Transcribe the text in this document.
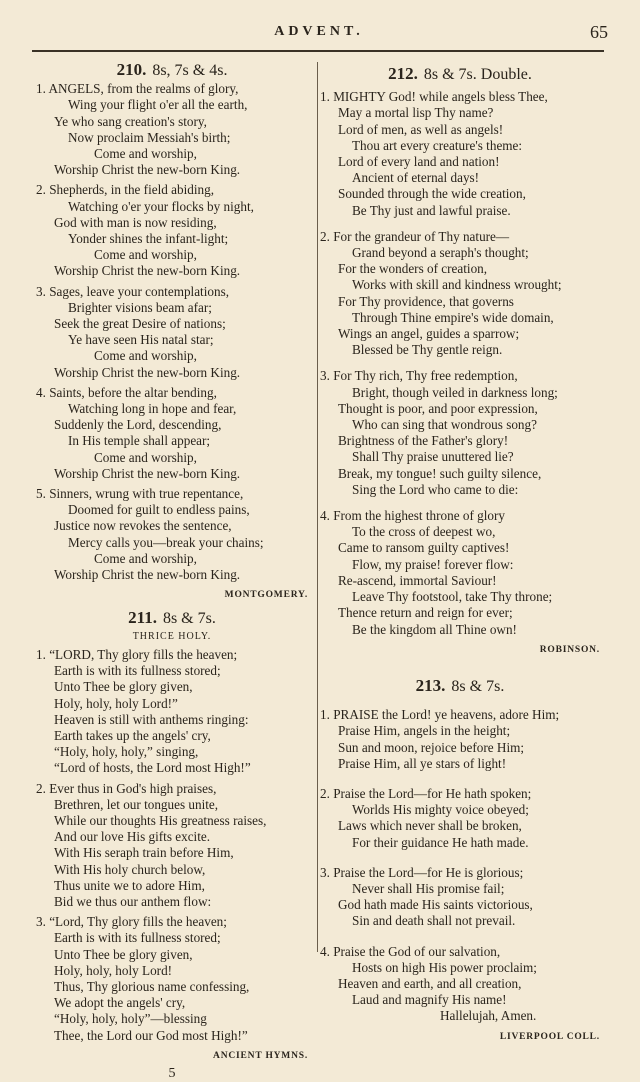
ADVENT.	65
210. 8s, 7s & 4s.
1. ANGELS, from the realms of glory,
Wing your flight o'er all the earth,
Ye who sang creation's story,
Now proclaim Messiah's birth;
Come and worship,
Worship Christ the new-born King.
2. Shepherds, in the field abiding,
Watching o'er your flocks by night,
God with man is now residing,
Yonder shines the infant-light;
Come and worship,
Worship Christ the new-born King.
3. Sages, leave your contemplations,
Brighter visions beam afar;
Seek the great Desire of nations;
Ye have seen His natal star;
Come and worship,
Worship Christ the new-born King.
4. Saints, before the altar bending,
Watching long in hope and fear,
Suddenly the Lord, descending,
In His temple shall appear;
Come and worship,
Worship Christ the new-born King.
5. Sinners, wrung with true repentance,
Doomed for guilt to endless pains,
Justice now revokes the sentence,
Mercy calls you—break your chains;
Come and worship,
Worship Christ the new-born King.
MONTGOMERY.
211. 8s & 7s.
THRICE HOLY.
1. “LORD, Thy glory fills the heaven;
Earth is with its fullness stored;
Unto Thee be glory given,
Holy, holy, holy Lord!”
Heaven is still with anthems ringing:
Earth takes up the angels' cry,
“Holy, holy, holy,” singing,
“Lord of hosts, the Lord most High!”
2. Ever thus in God's high praises,
Brethren, let our tongues unite,
While our thoughts His greatness raises,
And our love His gifts excite.
With His seraph train before Him,
With His holy church below,
Thus unite we to adore Him,
Bid we thus our anthem flow:
3. “Lord, Thy glory fills the heaven;
Earth is with its fullness stored;
Unto Thee be glory given,
Holy, holy, holy Lord!
Thus, Thy glorious name confessing,
We adopt the angels' cry,
“Holy, holy, holy”—blessing
Thee, the Lord our God most High!”
ANCIENT HYMNS.
5
212. 8s & 7s. Double.
1. MIGHTY God! while angels bless Thee,
May a mortal lisp Thy name?
Lord of men, as well as angels!
Thou art every creature's theme:
Lord of every land and nation!
Ancient of eternal days!
Sounded through the wide creation,
Be Thy just and lawful praise.
2. For the grandeur of Thy nature—
Grand beyond a seraph's thought;
For the wonders of creation,
Works with skill and kindness wrought;
For Thy providence, that governs
Through Thine empire's wide domain,
Wings an angel, guides a sparrow;
Blessed be Thy gentle reign.
3. For Thy rich, Thy free redemption,
Bright, though veiled in darkness long;
Thought is poor, and poor expression,
Who can sing that wondrous song?
Brightness of the Father's glory!
Shall Thy praise unuttered lie?
Break, my tongue! such guilty silence,
Sing the Lord who came to die:
4. From the highest throne of glory
To the cross of deepest wo,
Came to ransom guilty captives!
Flow, my praise! forever flow:
Re-ascend, immortal Saviour!
Leave Thy footstool, take Thy throne;
Thence return and reign for ever;
Be the kingdom all Thine own!
ROBINSON.
213. 8s & 7s.
1. PRAISE the Lord! ye heavens, adore Him;
Praise Him, angels in the height;
Sun and moon, rejoice before Him;
Praise Him, all ye stars of light!
2. Praise the Lord—for He hath spoken;
Worlds His mighty voice obeyed;
Laws which never shall be broken,
For their guidance He hath made.
3. Praise the Lord—for He is glorious;
Never shall His promise fail;
God hath made His saints victorious,
Sin and death shall not prevail.
4. Praise the God of our salvation,
Hosts on high His power proclaim;
Heaven and earth, and all creation,
Laud and magnify His name!
Hallelujah, Amen.
LIVERPOOL COLL.
